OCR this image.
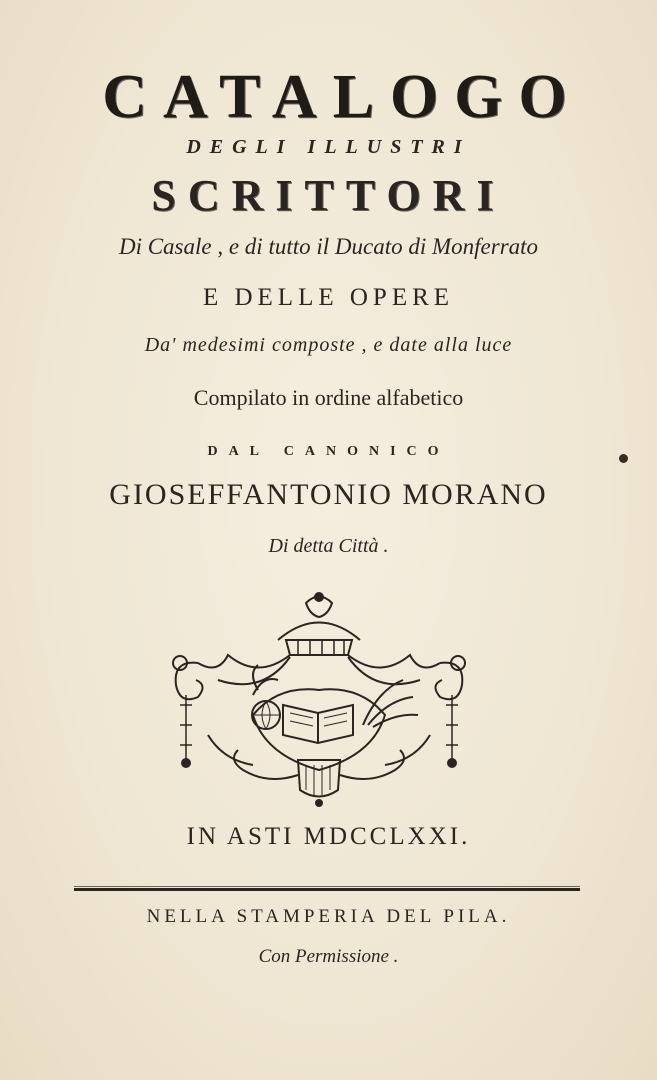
CATALOGO
DEGLI ILLUSTRI
SCRITTORI
Di Casale , e di tutto il Ducato di Monferrato
E DELLE OPERE
Da' medesimi composte , e date alla luce
Compilato in ordine alfabetico
DAL CANONICO
GIOSEFFANTONIO MORANO
Di detta Città .
IN ASTI MDCCLXXI.
NELLA STAMPERIA DEL PILA.
Con Permissione .
